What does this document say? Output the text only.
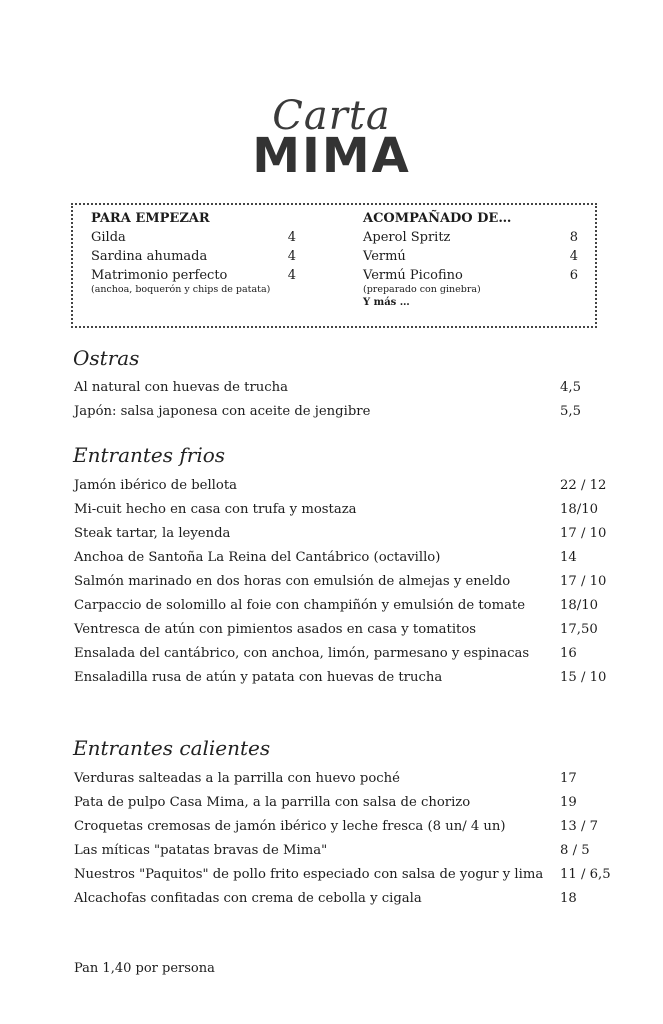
Carta
MIMA
PARA EMPEZAR
Gilda	4
Sardina ahumada	4
Matrimonio perfecto	4
(anchoa, boquerón y chips de patata)
ACOMPAÑADO DE…
Aperol Spritz	8
Vermú	4
Vermú Picofino	6
(preparado con ginebra)
Y más …
Ostras
Al natural con huevas de trucha	4,5
Japón: salsa japonesa con aceite de jengibre	5,5
Entrantes frios
Jamón ibérico de bellota	22 / 12
Mi-cuit hecho en casa con trufa y mostaza	18/10
Steak tartar, la leyenda	17 / 10
Anchoa de Santoña La Reina del Cantábrico (octavillo)	14
Salmón marinado en dos horas con emulsión de almejas y eneldo	17 / 10
Carpaccio de solomillo al foie con champiñón y emulsión de tomate	18/10
Ventresca de atún con pimientos asados en casa y tomatitos	17,50
Ensalada del cantábrico, con anchoa, limón, parmesano y espinacas 16
Ensaladilla rusa de atún y patata con huevas de trucha	15 / 10
Entrantes calientes
Verduras salteadas a la parrilla con huevo poché	17
Pata de pulpo Casa Mima, a la parrilla con salsa de chorizo	19
Croquetas cremosas de jamón ibérico y leche fresca (8 un/ 4 un)	13 / 7
Las míticas "patatas bravas de Mima"	8 / 5
Nuestros "Paquitos" de pollo frito especiado con salsa de yogur y lima 11 / 6,5
Alcachofas confitadas con crema de cebolla y cigala	18
Pan 1,40 por persona
